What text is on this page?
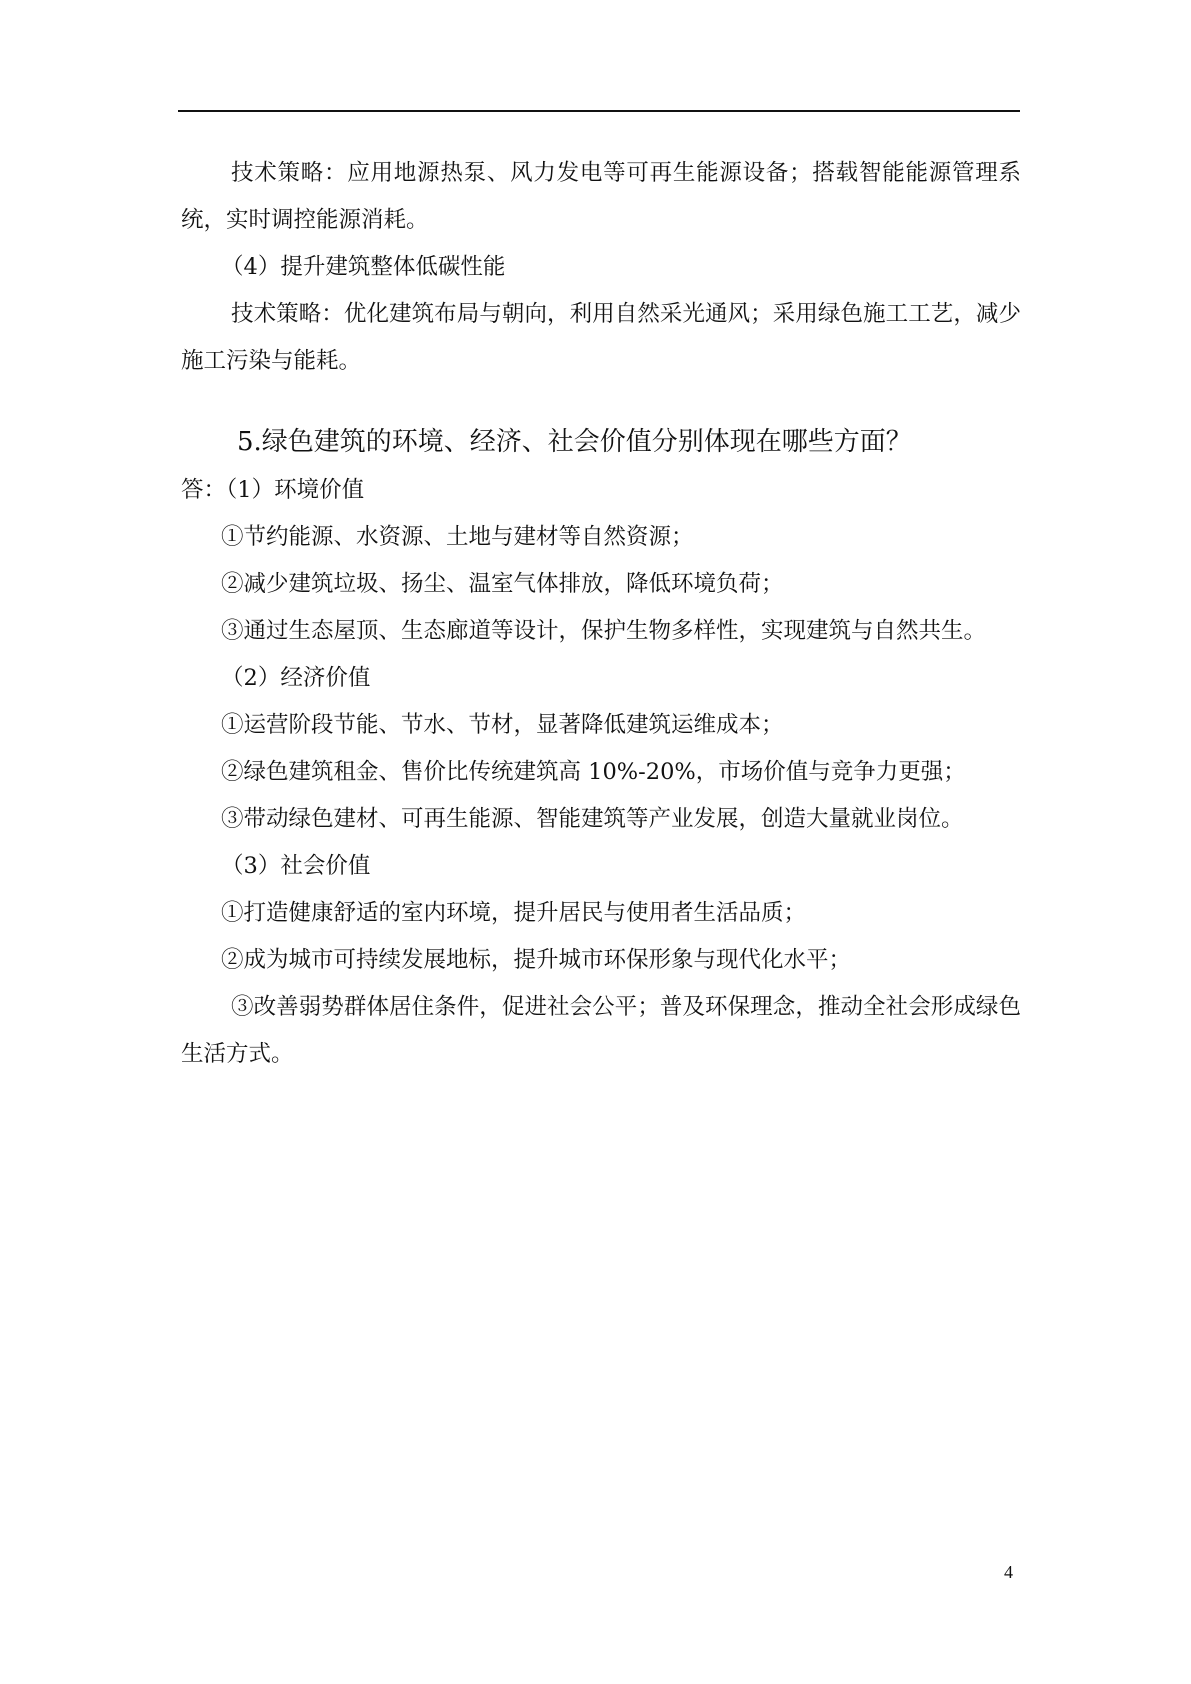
技术策略：应用地源热泵、风力发电等可再生能源设备；搭载智能能源管理系统，实时调控能源消耗。

（4）提升建筑整体低碳性能

技术策略：优化建筑布局与朝向，利用自然采光通风；采用绿色施工工艺，减少施工污染与能耗。

5.绿色建筑的环境、经济、社会价值分别体现在哪些方面？

答：（1）环境价值

①节约能源、水资源、土地与建材等自然资源；

②减少建筑垃圾、扬尘、温室气体排放，降低环境负荷；

③通过生态屋顶、生态廊道等设计，保护生物多样性，实现建筑与自然共生。

（2）经济价值

①运营阶段节能、节水、节材，显著降低建筑运维成本；

②绿色建筑租金、售价比传统建筑高 10%-20%，市场价值与竞争力更强；

③带动绿色建材、可再生能源、智能建筑等产业发展，创造大量就业岗位。

（3）社会价值

①打造健康舒适的室内环境，提升居民与使用者生活品质；

②成为城市可持续发展地标，提升城市环保形象与现代化水平；

③改善弱势群体居住条件，促进社会公平；普及环保理念，推动全社会形成绿色生活方式。

4
